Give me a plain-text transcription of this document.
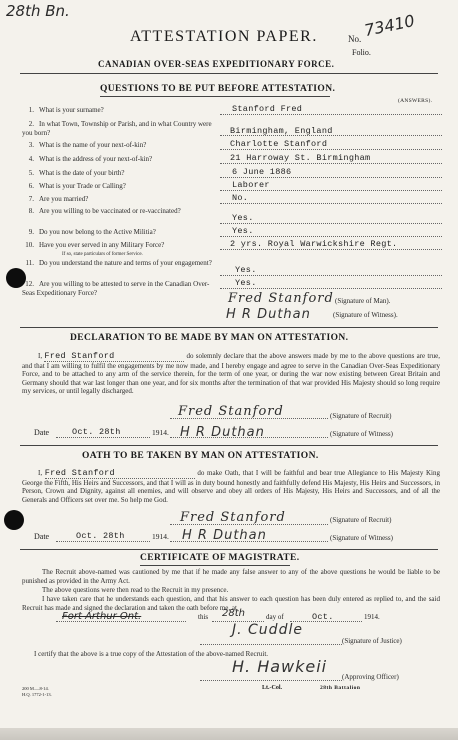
28th Bn.
ATTESTATION PAPER.	No. 73410
Folio.
CANADIAN OVER-SEAS EXPEDITIONARY FORCE.
QUESTIONS TO BE PUT BEFORE ATTESTATION.
(ANSWERS).
1. What is your surname?	Stanford Fred
2. In what Town, Township or Parish, and in what Country were you born?	Birmingham, England
3. What is the name of your next-of-kin?	Charlotte Stanford
4. What is the address of your next-of-kin?	21 Harroway St. Birmingham
5. What is the date of your birth?	6 June 1886
6. What is your Trade or Calling?	Laborer
7. Are you married?	No.
8. Are you willing to be vaccinated or re-vaccinated?
Yes.
9. Do you now belong to the Active Militia?	Yes.
10. Have you ever served in any Military Force?
If so, state particulars of former Service.
2 yrs. Royal Warwickshire Regt.
11. Do you understand the nature and terms of your engagement?
Yes.
12. Are you willing to be attested to serve in the Canadian Over-Seas Expeditionary Force?
Yes.
Fred Stanford (Signature of Man).
H R Duthan	(Signature of Witness).
DECLARATION TO BE MADE BY MAN ON ATTESTATION.
I, Fred Stanford	do solemnly declare that the above answers made by me to the above questions are true, and that I am willing to fulfil the engagements by me now made, and I hereby engage and agree to serve in the Canadian Over-Seas Expeditionary Force, and to be attached to any arm of the service therein, for the term of one year, or during the war now existing between Great Britain and Germany should that war last longer than one year, and for six months after the termination of that war provided His Majesty should so long require my services, or until legally discharged.
Fred Stanford	(Signature of Recruit)
Date	Oct. 28th	1914. H R Duthan	(Signature of Witness)
OATH TO BE TAKEN BY MAN ON ATTESTATION.
I, Fred Stanford	do make Oath, that I will be faithful and bear true Allegiance to His Majesty King George the Fifth, His Heirs and Successors, and that I will as in duty bound honestly and faithfully defend His Majesty, His Heirs and Successors, in Person, Crown and Dignity, against all enemies, and will observe and obey all orders of His Majesty, His Heirs and Successors, and of all the Generals and Officers set over me. So help me God.
Fred Stanford	(Signature of Recruit)
Date	Oct. 28th	1914. H R Duthan	(Signature of Witness)
CERTIFICATE OF MAGISTRATE.
The Recruit above-named was cautioned by me that if he made any false answer to any of the above questions he would be liable to be punished as provided in the Army Act.
The above questions were then read to the Recruit in my presence.
I have taken care that he understands each question, and that his answer to each question has been duly entered as replied to, and the said Recruit has made and signed the declaration and taken the oath before me, at
Fort Arthur Ont.	this 28th	day of	Oct.	1914.
J. Cuddle
(Signature of Justice)
I certify that the above is a true copy of the Attestation of the above-named Recruit.
H. Hawkeii
(Approving Officer)
Lt.-Col.	28th Battalion
200 M.—8-14.
H.Q. 1772-1-13.
